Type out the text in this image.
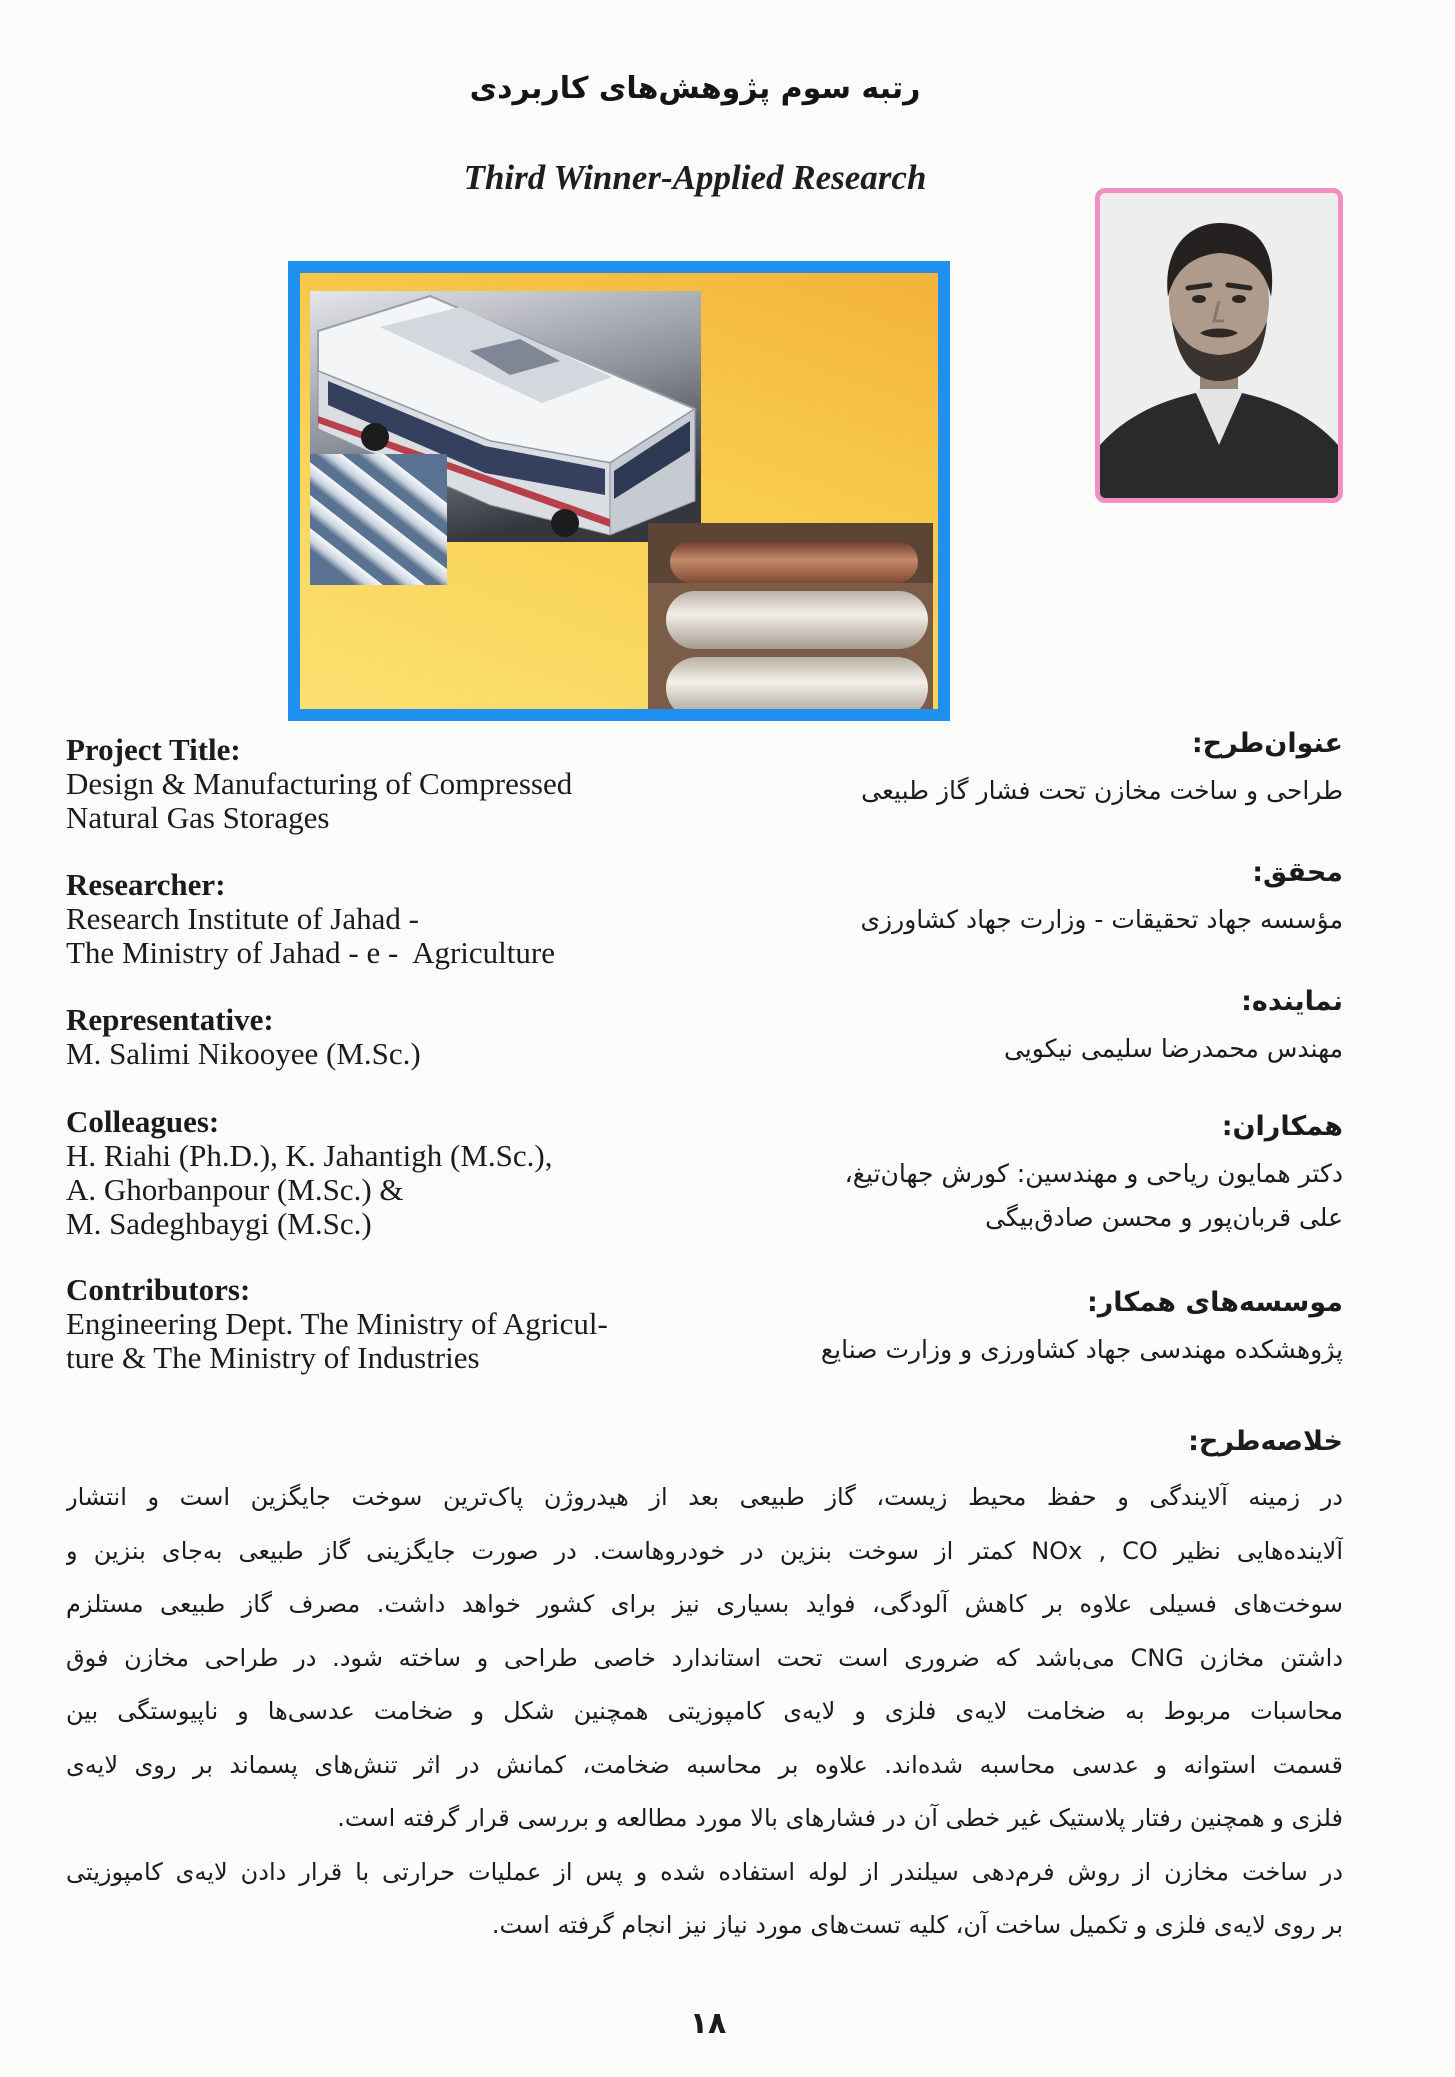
رتبه سوم پژوهش‌های کاربردی
Third Winner-Applied Research
Project Title:
Design & Manufacturing of Compressed
Natural Gas Storages
Researcher:
Research Institute of Jahad -
The Ministry of Jahad - e -  Agriculture
Representative:
M. Salimi Nikooyee (M.Sc.)
Colleagues:
H. Riahi (Ph.D.), K. Jahantigh (M.Sc.),
A. Ghorbanpour (M.Sc.) &
M. Sadeghbaygi (M.Sc.)
Contributors:
Engineering Dept. The Ministry of Agricul-
ture & The Ministry of Industries
عنوان‌طرح:
طراحی و ساخت مخازن تحت فشار گاز طبیعی
محقق:
مؤسسه جهاد تحقیقات - وزارت جهاد کشاورزی
نماینده:
مهندس محمدرضا سلیمی نیکویی
همکاران:
دکتر همایون ریاحی و مهندسین: کورش جهان‌تیغ،
علی قربان‌پور و محسن صادق‌بیگی
موسسه‌های همکار:
پژوهشکده مهندسی جهاد کشاورزی و وزارت صنایع
خلاصه‌طرح:
در زمینه آلایندگی و حفظ محیط زیست، گاز طبیعی بعد از هیدروژن پاک‌ترین سوخت جایگزین است و انتشار
آلاینده‌هایی نظیر NOx , CO کمتر از سوخت بنزین در خودروهاست. در صورت جایگزینی گاز طبیعی به‌جای بنزین و
سوخت‌های فسیلی علاوه بر کاهش آلودگی، فواید بسیاری نیز برای کشور خواهد داشت. مصرف گاز طبیعی مستلزم
داشتن مخازن CNG می‌باشد که ضروری است تحت استاندارد خاصی طراحی و ساخته شود. در طراحی مخازن فوق
محاسبات مربوط به ضخامت لایه‌ی فلزی و لایه‌ی کامپوزیتی همچنین شکل و ضخامت عدسی‌ها و ناپیوستگی بین
قسمت استوانه و عدسی محاسبه شده‌اند. علاوه بر محاسبه ضخامت، کمانش در اثر تنش‌های پسماند بر روی لایه‌ی
فلزی و همچنین رفتار پلاستیک غیر خطی آن در فشارهای بالا مورد مطالعه و بررسی قرار گرفته است.
در ساخت مخازن از روش فرم‌دهی سیلندر از لوله استفاده شده و پس از عملیات حرارتی با قرار دادن لایه‌ی کامپوزیتی
بر روی لایه‌ی فلزی و تکمیل ساخت آن، کلیه تست‌های مورد نیاز نیز انجام گرفته است.
۱۸
